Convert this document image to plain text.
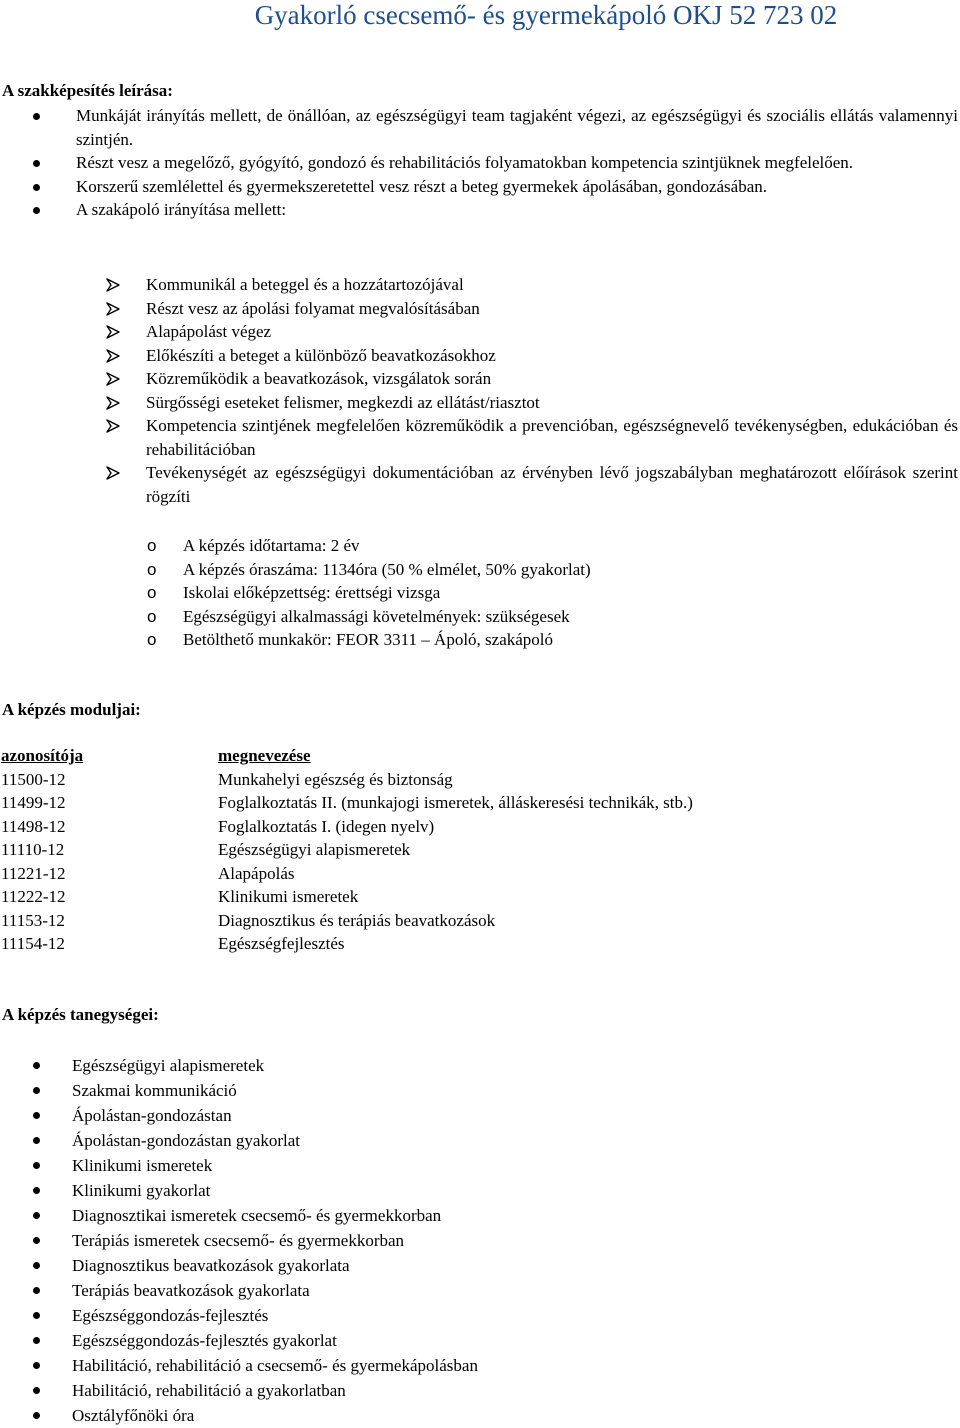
Gyakorló csecsemő- és gyermekápoló OKJ 52 723 02
A szakképesítés leírása:
Munkáját irányítás mellett, de önállóan, az egészségügyi team tagjaként végezi, az egészségügyi és szociális ellátás valamennyi szintjén.
Részt vesz a megelőző, gyógyító, gondozó és rehabilitációs folyamatokban kompetencia szintjüknek megfelelően.
Korszerű szemlélettel és gyermekszeretettel vesz részt a beteg gyermekek ápolásában, gondozásában.
A szakápoló irányítása mellett:
Kommunikál a beteggel és a hozzátartozójával
Részt vesz az ápolási folyamat megvalósításában
Alapápolást végez
Előkészíti a beteget a különböző beavatkozásokhoz
Közreműködik a beavatkozások, vizsgálatok során
Sürgősségi eseteket felismer, megkezdi az ellátást/riasztot
Kompetencia szintjének megfelelően közreműködik a prevencióban, egészségnevelő tevékenységben, edukációban és rehabilitációban
Tevékenységét az egészségügyi dokumentációban az érvényben lévő jogszabályban meghatározott előírások szerint rögzíti
o A képzés időtartama: 2 év
o A képzés óraszáma: 1134óra (50 % elmélet, 50% gyakorlat)
o Iskolai előképzettség: érettségi vizsga
o Egészségügyi alkalmassági követelmények: szükségesek
o Betölthető munkakör: FEOR 3311 – Ápoló, szakápoló
A képzés moduljai:
azonosítója	megnevezése
11500-12	Munkahelyi egészség és biztonság
11499-12	Foglalkoztatás II. (munkajogi ismeretek, álláskeresési technikák, stb.)
11498-12	Foglalkoztatás I. (idegen nyelv)
11110-12	Egészségügyi alapismeretek
11221-12	Alapápolás
11222-12	Klinikumi ismeretek
11153-12	Diagnosztikus és terápiás beavatkozások
11154-12	Egészségfejlesztés
A képzés tanegységei:
Egészségügyi alapismeretek
Szakmai kommunikáció
Ápolástan-gondozástan
Ápolástan-gondozástan gyakorlat
Klinikumi ismeretek
Klinikumi gyakorlat
Diagnosztikai ismeretek csecsemő- és gyermekkorban
Terápiás ismeretek csecsemő- és gyermekkorban
Diagnosztikus beavatkozások gyakorlata
Terápiás beavatkozások gyakorlata
Egészséggondozás-fejlesztés
Egészséggondozás-fejlesztés gyakorlat
Habilitáció, rehabilitáció a csecsemő- és gyermekápolásban
Habilitáció, rehabilitáció a gyakorlatban
Osztályfőnöki óra
